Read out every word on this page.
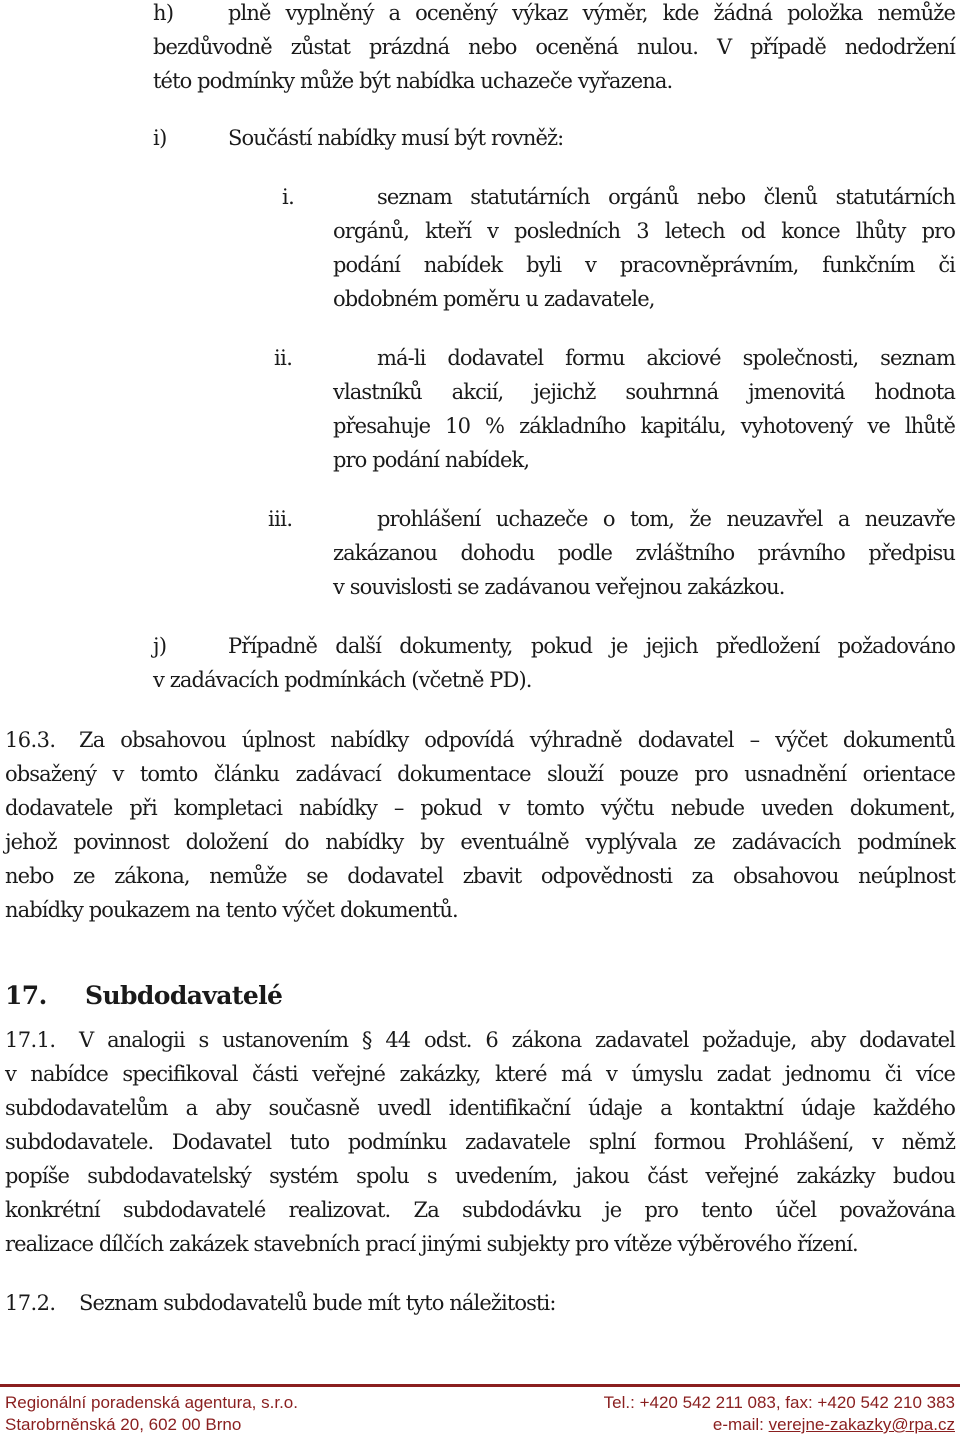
h)	plně vyplněný a oceněný výkaz výměr, kde žádná položka nemůže
bezdůvodně zůstat prázdná nebo oceněná nulou. V případě nedodržení
této podmínky může být nabídka uchazeče vyřazena.
i)	Součástí nabídky musí být rovněž:
i.	seznam statutárních orgánů nebo členů statutárních
orgánů, kteří v posledních 3 letech od konce lhůty pro
podání nabídek byli v pracovněprávním, funkčním či
obdobném poměru u zadavatele,
ii.	má-li dodavatel formu akciové společnosti, seznam
vlastníků akcií, jejichž souhrnná jmenovitá hodnota
přesahuje 10 % základního kapitálu, vyhotovený ve lhůtě
pro podání nabídek,
iii.	prohlášení uchazeče o tom, že neuzavřel a neuzavře
zakázanou dohodu podle zvláštního právního předpisu
v souvislosti se zadávanou veřejnou zakázkou.
j)	Případně další dokumenty, pokud je jejich předložení požadováno
v zadávacích podmínkách (včetně PD).
16.3. Za obsahovou úplnost nabídky odpovídá výhradně dodavatel – výčet dokumentů
obsažený v tomto článku zadávací dokumentace slouží pouze pro usnadnění orientace
dodavatele při kompletaci nabídky – pokud v tomto výčtu nebude uveden dokument,
jehož povinnost doložení do nabídky by eventuálně vyplývala ze zadávacích podmínek
nebo ze zákona, nemůže se dodavatel zbavit odpovědnosti za obsahovou neúplnost
nabídky poukazem na tento výčet dokumentů.
17. Subdodavatelé
17.1. V analogii s ustanovením § 44 odst. 6 zákona zadavatel požaduje, aby dodavatel
v nabídce specifikoval části veřejné zakázky, které má v úmyslu zadat jednomu či více
subdodavatelům a aby současně uvedl identifikační údaje a kontaktní údaje každého
subdodavatele. Dodavatel tuto podmínku zadavatele splní formou Prohlášení, v němž
popíše subdodavatelský systém spolu s uvedením, jakou část veřejné zakázky budou
konkrétní subdodavatelé realizovat. Za subdodávku je pro tento účel považována
realizace dílčích zakázek stavebních prací jinými subjekty pro vítěze výběrového řízení.
17.2. Seznam subdodavatelů bude mít tyto náležitosti:
Regionální poradenská agentura, s.r.o.
Starobrněnská 20, 602 00 Brno
Tel.: +420 542 211 083, fax: +420 542 210 383
e-mail: verejne-zakazky@rpa.cz
